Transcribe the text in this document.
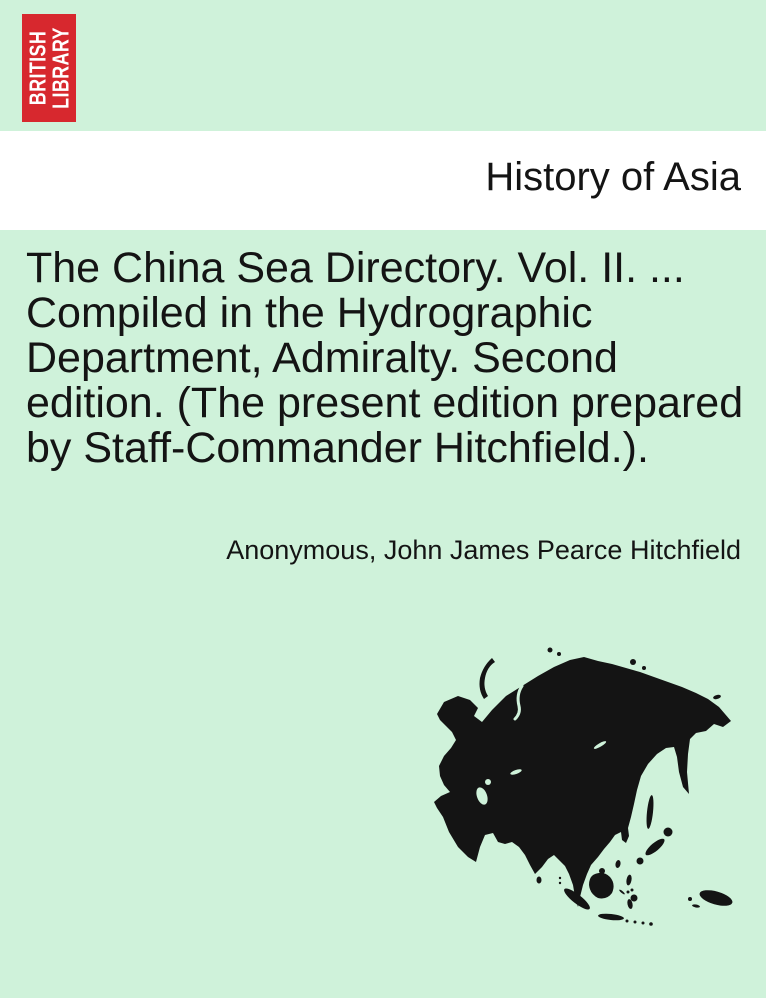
BRITISH
LIBRARY
History of Asia
The China Sea Directory. Vol. II. ...
Compiled in the Hydrographic
Department, Admiralty. Second
edition. (The present edition prepared
by Staff-Commander Hitchfield.).
Anonymous, John James Pearce Hitchfield
